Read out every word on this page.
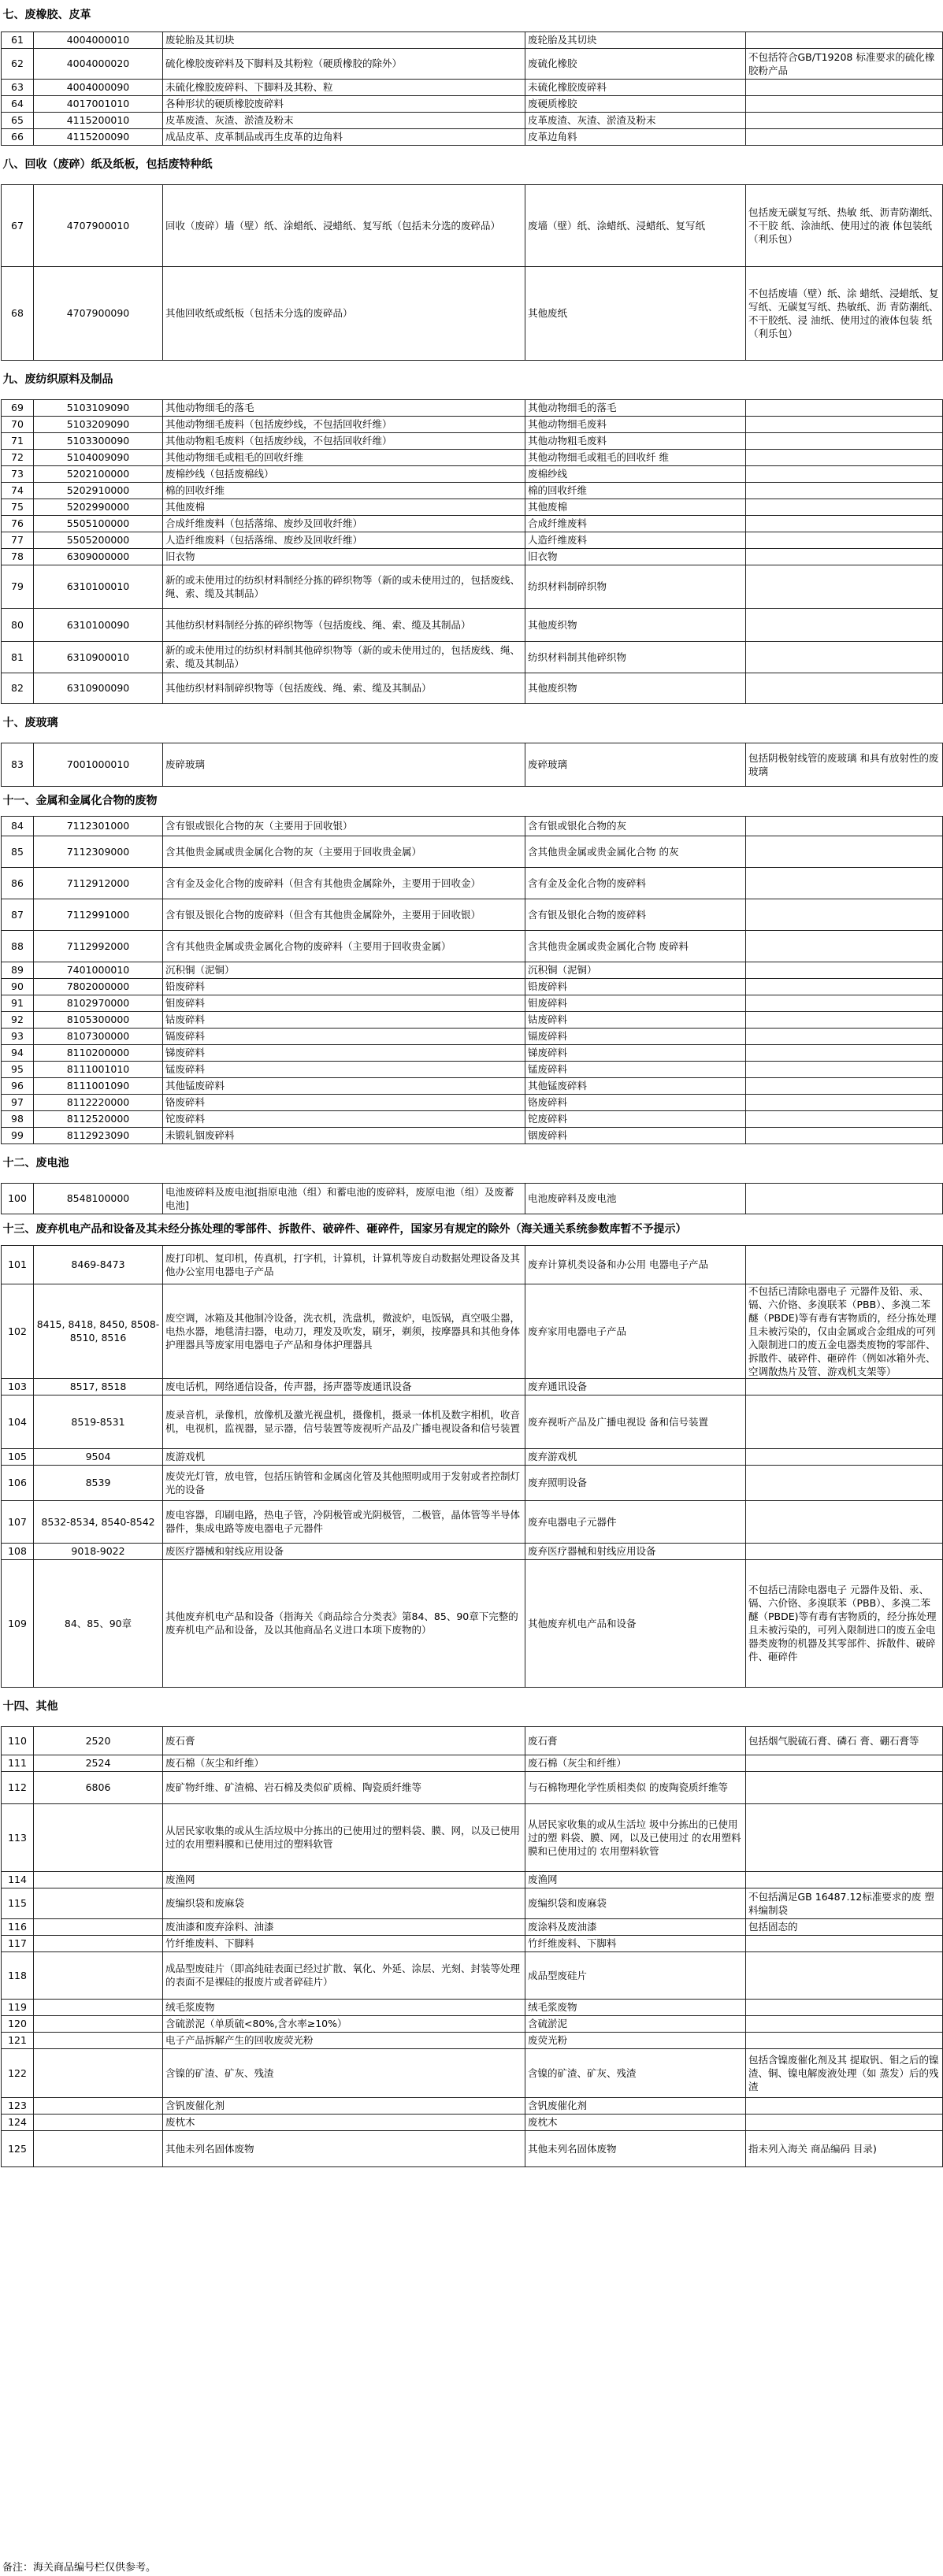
七、废橡胶、皮革				
61	4004000010	废轮胎及其切块	废轮胎及其切块	
62	4004000020	硫化橡胶废碎料及下脚料及其粉粒（硬质橡胶的除外）	废硫化橡胶	不包括符合GB/T19208 标准要求的硫化橡胶粉产品
63	4004000090	未硫化橡胶废碎料、下脚料及其粉、粒	未硫化橡胶废碎料	
64	4017001010	各种形状的硬质橡胶废碎料	废硬质橡胶	
65	4115200010	皮革废渣、灰渣、淤渣及粉末	皮革废渣、灰渣、淤渣及粉末	
66	4115200090	成品皮革、皮革制品或再生皮革的边角料	皮革边角料	
八、回收（废碎）纸及纸板，包括废特种纸				
67	4707900010	回收（废碎）墙（壁）纸、涂蜡纸、浸蜡纸、复写纸（包括未分选的废碎品）	废墙（壁）纸、涂蜡纸、浸蜡纸、复写纸	包括废无碳复写纸、热敏 纸、沥青防潮纸、不干胶 纸、涂油纸、使用过的液 体包装纸（利乐包）
68	4707900090	其他回收纸或纸板（包括未分选的废碎品）	其他废纸	不包括废墙（壁）纸、涂 蜡纸、浸蜡纸、复写纸、无碳复写纸、热敏纸、沥 青防潮纸、不干胶纸、浸 油纸、使用过的液体包装 纸（利乐包）
九、废纺织原料及制品				
69	5103109090	其他动物细毛的落毛	其他动物细毛的落毛	
70	5103209090	其他动物细毛废料（包括废纱线，不包括回收纤维）	其他动物细毛废料	
71	5103300090	其他动物粗毛废料（包括废纱线，不包括回收纤维）	其他动物粗毛废料	
72	5104009090	其他动物细毛或粗毛的回收纤维	其他动物细毛或粗毛的回收纤 维	
73	5202100000	废棉纱线（包括废棉线）	废棉纱线	
74	5202910000	棉的回收纤维	棉的回收纤维	
75	5202990000	其他废棉	其他废棉	
76	5505100000	合成纤维废料（包括落绵、废纱及回收纤维）	合成纤维废料	
77	5505200000	人造纤维废料（包括落绵、废纱及回收纤维）	人造纤维废料	
78	6309000000	旧衣物	旧衣物	
79	6310100010	新的或未使用过的纺织材料制经分拣的碎织物等（新的或未使用过的，包括废线、绳、索、缆及其制品）	纺织材料制碎织物	
80	6310100090	其他纺织材料制经分拣的碎织物等（包括废线、绳、索、缆及其制品）	其他废织物	
81	6310900010	新的或未使用过的纺织材料制其他碎织物等（新的或未使用过的，包括废线、绳、索、缆及其制品）	纺织材料制其他碎织物	
82	6310900090	其他纺织材料制碎织物等（包括废线、绳、索、缆及其制品）	其他废织物	
十、废玻璃				
83	7001000010	废碎玻璃	废碎玻璃	包括阴极射线管的废玻璃 和具有放射性的废玻璃
十一、金属和金属化合物的废物				
84	7112301000	含有银或银化合物的灰（主要用于回收银）	含有银或银化合物的灰	
85	7112309000	含其他贵金属或贵金属化合物的灰（主要用于回收贵金属）	含其他贵金属或贵金属化合物 的灰	
86	7112912000	含有金及金化合物的废碎料（但含有其他贵金属除外，主要用于回收金）	含有金及金化合物的废碎料	
87	7112991000	含有银及银化合物的废碎料（但含有其他贵金属除外，主要用于回收银）	含有银及银化合物的废碎料	
88	7112992000	含有其他贵金属或贵金属化合物的废碎料（主要用于回收贵金属）	含其他贵金属或贵金属化合物 废碎料	
89	7401000010	沉积铜（泥铜）	沉积铜（泥铜）	
90	7802000000	铅废碎料	铅废碎料	
91	8102970000	钼废碎料	钼废碎料	
92	8105300000	钴废碎料	钴废碎料	
93	8107300000	镉废碎料	镉废碎料	
94	8110200000	锑废碎料	锑废碎料	
95	8111001010	锰废碎料	锰废碎料	
96	8111001090	其他锰废碎料	其他锰废碎料	
97	8112220000	铬废碎料	铬废碎料	
98	8112520000	铊废碎料	铊废碎料	
99	8112923090	未锻轧铟废碎料	铟废碎料	
十二、废电池				
100	8548100000	电池废碎料及废电池[指原电池（组）和蓄电池的废碎料，废原电池（组）及废蓄电池]	电池废碎料及废电池	
十三、废弃机电产品和设备及其未经分拣处理的零部件、拆散件、破碎件、砸碎件，国家另有规定的除外（海关通关系统参数库暂不予提示）				
101	8469-8473	废打印机、复印机，传真机，打字机，计算机，计算机等废自动数据处理设备及其他办公室用电器电子产品	废弃计算机类设备和办公用 电器电子产品	
102	8415, 8418, 8450, 8508-8510, 8516	废空调，冰箱及其他制冷设备，洗衣机，洗盘机，微波炉，电饭锅，真空吸尘器，电热水器，地毯清扫器，电动刀，理发及吹发，刷牙，剃须，按摩器具和其他身体护理器具等废家用电器电子产品和身体护理器具	废弃家用电器电子产品	不包括已清除电器电子 元器件及铅、汞、镉、六价铬、多溴联苯（PBB）、多溴二苯醚（PBDE)等有毒有害物质的，经分拣处理且未被污染的，仅由金属或合金组成的可列入限制进口的废五金电器类废物的零部件、拆散件、破碎件、砸碎件（例如冰箱外壳、空调散热片及管、游戏机支架等）
103	8517, 8518	废电话机，网络通信设备，传声器，扬声器等废通讯设备	废弃通讯设备	
104	8519-8531	废录音机，录像机，放像机及激光视盘机，摄像机，摄录一体机及数字相机，收音机，电视机，监视器，显示器，信号装置等废视听产品及广播电视设备和信号装置	废弃视听产品及广播电视设 备和信号装置	
105	9504	废游戏机	废弃游戏机	
106	8539	废荧光灯管，放电管，包括压钠管和金属卤化管及其他照明或用于发射或者控制灯光的设备	废弃照明设备	
107	8532-8534, 8540-8542	废电容器，印刷电路，热电子管，冷阴极管或光阴极管，二极管，晶体管等半导体器件，集成电路等废电器电子元器件	废弃电器电子元器件	
108	9018-9022	废医疗器械和射线应用设备	废弃医疗器械和射线应用设备	
109	84、85、90章	其他废弃机电产品和设备（指海关《商品综合分类表》第84、85、90章下完整的废弃机电产品和设备，及以其他商品名义进口本项下废物的）	其他废弃机电产品和设备	不包括已清除电器电子 元器件及铅、汞、镉、六价铬、多溴联苯（PBB）、多溴二苯醚（PBDE)等有毒有害物质的，经分拣处理且未被污染的，可列入限制进口的废五金电器类废物的机器及其零部件、拆散件、破碎件、砸碎件
十四、其他				
110	2520	废石膏	废石膏	包括烟气脱硫石膏、磷石 膏、硼石膏等
111	2524	废石棉（灰尘和纤维）	废石棉（灰尘和纤维）	
112	6806	废矿物纤维、矿渣棉、岩石棉及类似矿质棉、陶瓷质纤维等	与石棉物理化学性质相类似 的废陶瓷质纤维等	
113		从居民家收集的或从生活垃圾中分拣出的已使用过的塑料袋、膜、网，以及已使用过的农用塑料膜和已使用过的塑料软管	从居民家收集的或从生活垃 圾中分拣出的已使用过的塑 料袋、膜、网，以及已使用过 的农用塑料膜和已使用过的 农用塑料软管	
114		废渔网	废渔网	
115		废编织袋和废麻袋	废编织袋和废麻袋	不包括满足GB 16487.12标准要求的废 塑料编制袋
116		废油漆和废弃涂料、油漆	废涂料及废油漆	包括固态的
117		竹纤维废料、下脚料	竹纤维废料、下脚料	
118		成品型废硅片（即高纯硅表面已经过扩散、氧化、外延、涂层、光刻、封装等处理的表面不是裸硅的报废片或者碎硅片）	成品型废硅片	
119		绒毛浆废物	绒毛浆废物	
120		含硫淤泥（单质硫<80%,含水率≥10%）	含硫淤泥	
121		电子产品拆解产生的回收废荧光粉	废荧光粉	
122		含镍的矿渣、矿灰、残渣	含镍的矿渣、矿灰、残渣	包括含镍废催化剂及其 提取钒、钼之后的镍渣、铜、镍电解废液处理（如 蒸发）后的残渣
123		含钒废催化剂	含钒废催化剂	
124		废枕木	废枕木	
125		其他未列名固体废物	其他未列名固体废物	指未列入海关 商品编码 目录)
备注：海关商品编号栏仅供参考。
